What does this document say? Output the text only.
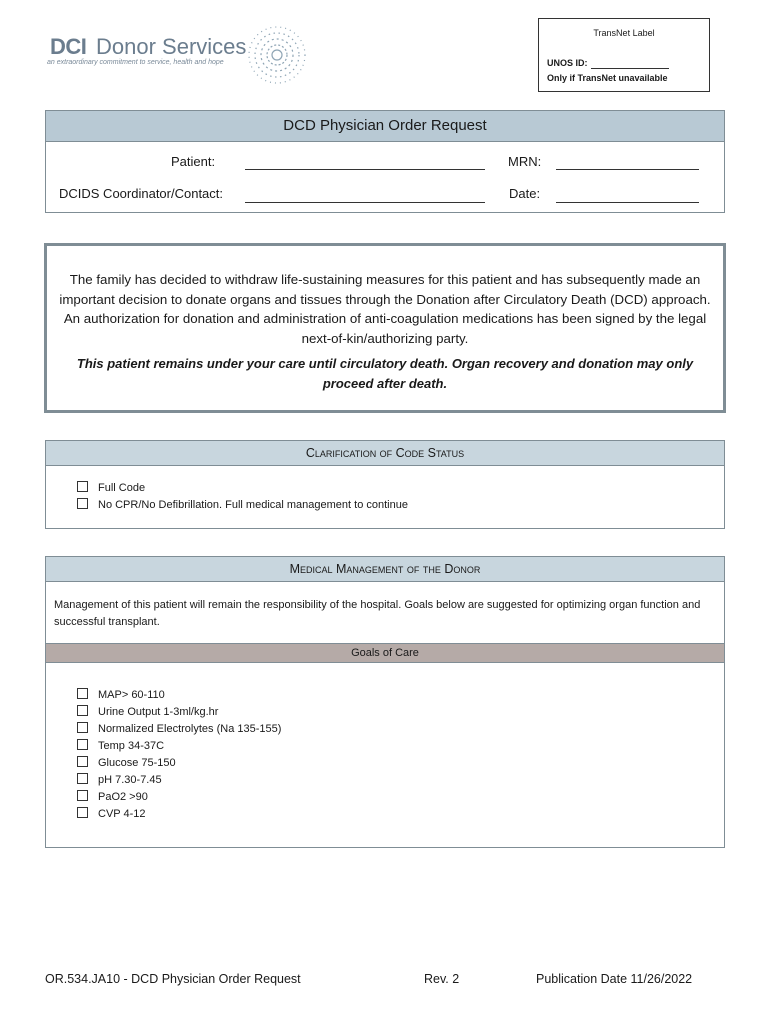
DCI Donor Services
an extraordinary commitment to service, health and hope
TransNet Label
UNOS ID:
Only if TransNet unavailable
DCD Physician Order Request
Patient:	MRN:
DCIDS Coordinator/Contact:	Date:
The family has decided to withdraw life-sustaining measures for this patient and has subsequently made an important decision to donate organs and tissues through the Donation after Circulatory Death (DCD) approach. An authorization for donation and administration of anti-coagulation medications has been signed by the legal next-of-kin/authorizing party.
This patient remains under your care until circulatory death. Organ recovery and donation may only proceed after death.
Clarification of Code Status
Full Code
No CPR/No Defibrillation. Full medical management to continue
Medical Management of the Donor
Management of this patient will remain the responsibility of the hospital. Goals below are suggested for optimizing organ function and successful transplant.
Goals of Care
MAP> 60-110
Urine Output 1-3ml/kg.hr
Normalized Electrolytes (Na 135-155)
Temp 34-37C
Glucose 75-150
pH 7.30-7.45
PaO2 >90
CVP 4-12
OR.534.JA10 - DCD Physician Order Request	Rev. 2	Publication Date 11/26/2022
